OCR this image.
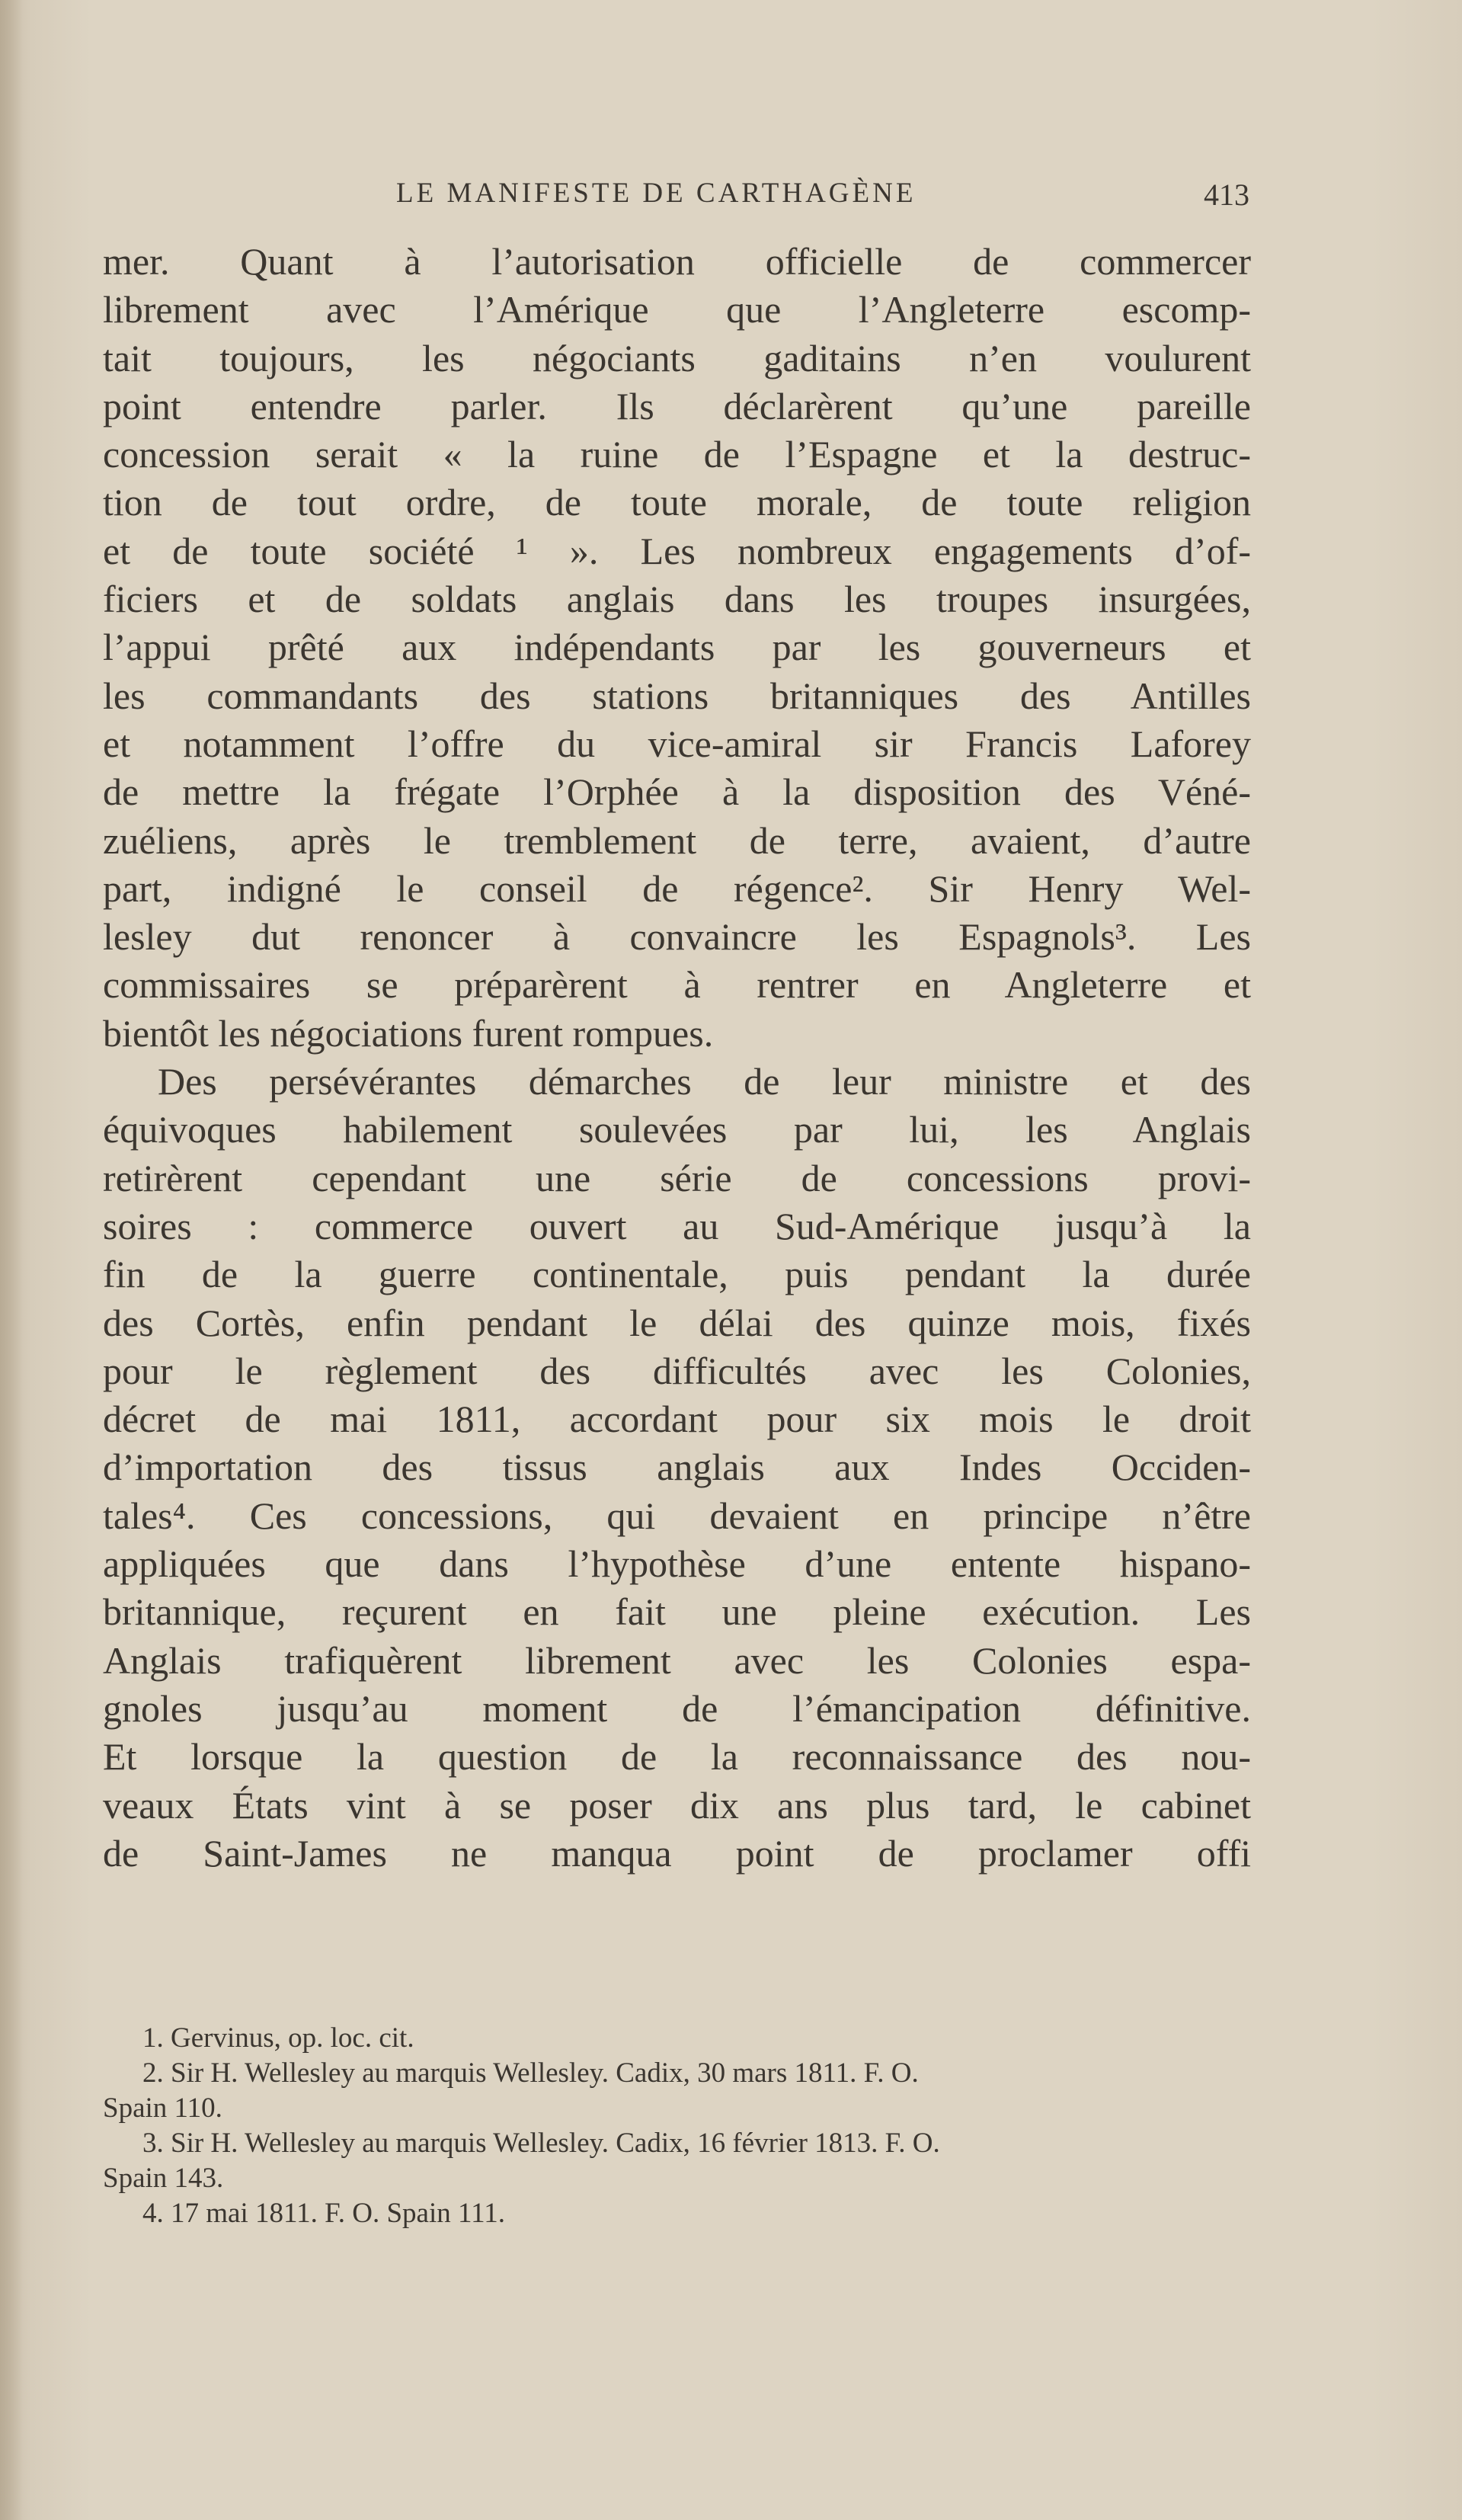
LE MANIFESTE DE CARTHAGÈNE	413
mer. Quant à l’autorisation officielle de commercer
librement avec l’Amérique que l’Angleterre escomp-
tait toujours, les négociants gaditains n’en voulurent
point entendre parler. Ils déclarèrent qu’une pareille
concession serait « la ruine de l’Espagne et la destruc-
tion de tout ordre, de toute morale, de toute religion
et de toute société ¹ ». Les nombreux engagements d’of-
ficiers et de soldats anglais dans les troupes insurgées,
l’appui prêté aux indépendants par les gouverneurs et
les commandants des stations britanniques des Antilles
et notamment l’offre du vice-amiral sir Francis Laforey
de mettre la frégate l’Orphée à la disposition des Véné-
zuéliens, après le tremblement de terre, avaient, d’autre
part, indigné le conseil de régence². Sir Henry Wel-
lesley dut renoncer à convaincre les Espagnols³. Les
commissaires se préparèrent à rentrer en Angleterre et
bientôt les négociations furent rompues.
Des persévérantes démarches de leur ministre et des
équivoques habilement soulevées par lui, les Anglais
retirèrent cependant une série de concessions provi-
soires : commerce ouvert au Sud-Amérique jusqu’à la
fin de la guerre continentale, puis pendant la durée
des Cortès, enfin pendant le délai des quinze mois, fixés
pour le règlement des difficultés avec les Colonies,
décret de mai 1811, accordant pour six mois le droit
d’importation des tissus anglais aux Indes Occiden-
tales⁴. Ces concessions, qui devaient en principe n’être
appliquées que dans l’hypothèse d’une entente hispano-
britannique, reçurent en fait une pleine exécution. Les
Anglais trafiquèrent librement avec les Colonies espa-
gnoles jusqu’au moment de l’émancipation définitive.
Et lorsque la question de la reconnaissance des nou-
veaux États vint à se poser dix ans plus tard, le cabinet
de Saint-James ne manqua point de proclamer offi
1. Gervinus, op. loc. cit.
2. Sir H. Wellesley au marquis Wellesley. Cadix, 30 mars 1811. F. O.
Spain 110.
3. Sir H. Wellesley au marquis Wellesley. Cadix, 16 février 1813. F. O.
Spain 143.
4. 17 mai 1811. F. O. Spain 111.
